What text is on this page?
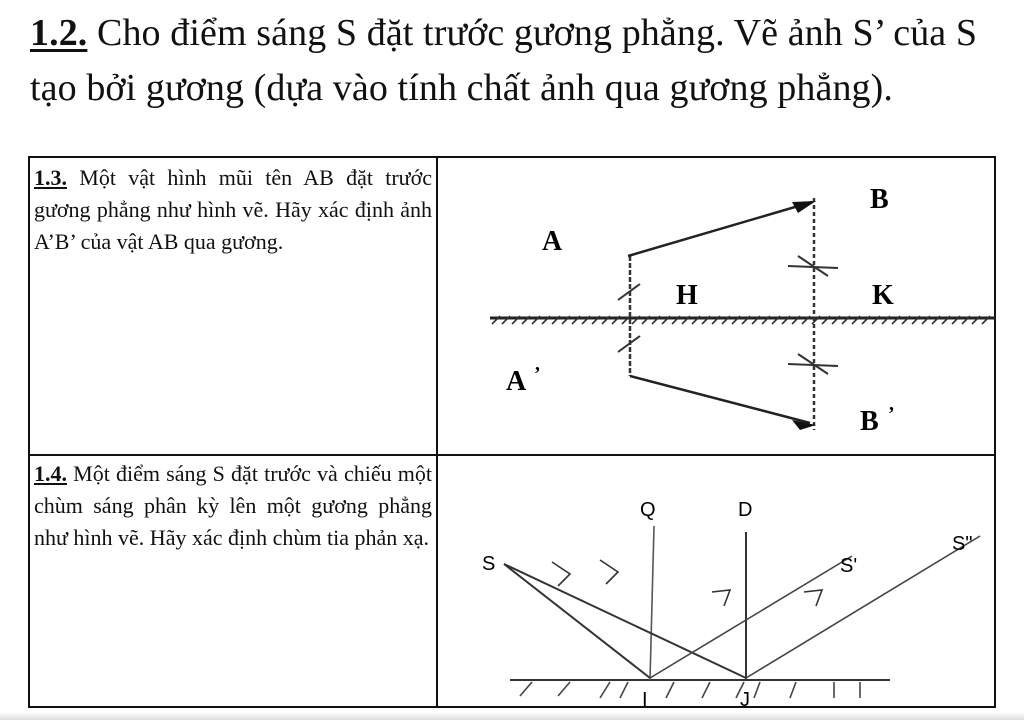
1.2. Cho điểm sáng S đặt trước gương phẳng. Vẽ ảnh S’ của S tạo bởi gương (dựa vào tính chất ảnh qua gương phẳng).
1.3. Một vật hình mũi tên AB đặt trước gương phẳng như hình vẽ. Hãy xác định ảnh A’B’ của vật AB qua gương.
1.4. Một điểm sáng S đặt trước và chiếu một chùm sáng phân kỳ lên một gương phẳng như hình vẽ. Hãy xác định chùm tia phản xạ.
A
B
H	K
A ’
B ’
Q	D
S	S'
S"
I	J
